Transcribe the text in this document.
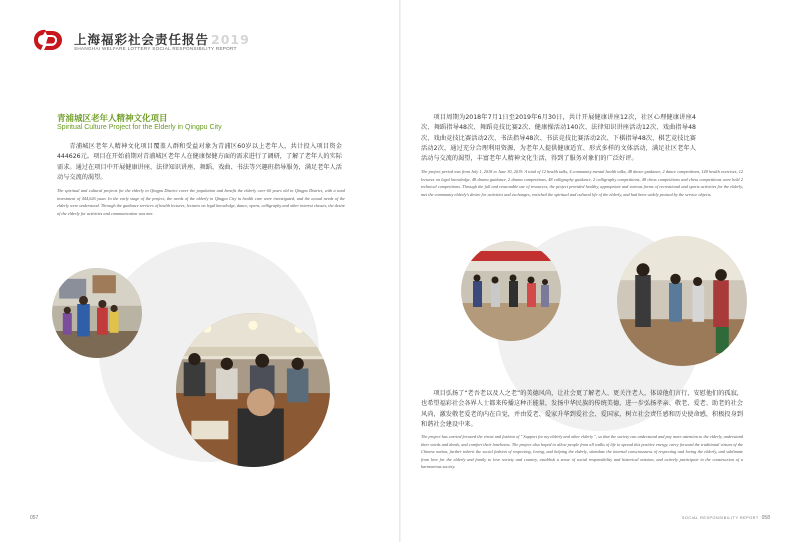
上海福彩社会责任报告 2019
SHANGHAI WELFARE LOTTERY SOCIAL RESPONSIBILITY REPORT
青浦城区老年人精神文化项目
Spiritual Culture Project for the Elderly in Qingpu City

青浦城区老年人精神文化项目覆盖人群和受益对象为青浦区60岁以上老年人，共计投入项目资金444626元。项目在开始前期对青浦城区老年人在健康保健方面的需求进行了调研，了解了老年人的实际需求。通过在项目中开展健康讲座、法律知识讲座、舞蹈、戏曲、书法等兴趣班指导服务，满足老年人活动与交流的渴望。

The spiritual and cultural projects for the elderly in Qingpu District cover the population and benefit the elderly over 60 years old in Qingpu District, with a total investment of 444,626 yuan. In the early stage of the project, the needs of the elderly in Qingpu City in health care were investigated, and the actual needs of the elderly were understood. Through the guidance services of health lectures, lectures on legal knowledge, dance, opera, calligraphy and other interest classes, the desire of the elderly for activities and communication was met.

项目周期为2018年7月1日至2019年6月30日，共计开展健康讲座12次，社区心理健康讲座4次、舞蹈指导48次、舞蹈竞技比赛2次、健康操活动140次、法律知识讲座活动12次、戏曲指导48次、戏曲竞技比赛活动2次、书法指导48次、书法竞技比赛活动2次、下棋指导48次、棋艺竞技比赛活动2次，通过充分合理利用资源，为老年人提供健康适宜、形式多样的文体活动，满足社区老年人活动与交流的渴望，丰富老年人精神文化生活，得到了服务对象们的广泛好评。

The project period was from July 1, 2018 to June 30, 2019. A total of 12 health talks, 4 community mental health talks, 48 dance guidance, 2 dance competitions, 140 health exercises, 12 lectures on legal knowledge, 48 drama guidance, 2 drama competitions, 48 calligraphy guidance, 2 calligraphy competitions, 48 chess competitions and chess competitions were held 2 technical competitions. Through the full and reasonable use of resources, the project provided healthy, appropriate and various forms of recreational and sports activities for the elderly, met the community elderly's desire for activities and exchanges, enriched the spiritual and cultural life of the elderly, and had been widely praised by the service objects.

项目弘扬了“老吾老以及人之老”的美德风尚，让社会更了解老人、更关注老人，体谅他们言行，安慰他们的孤寂，也希望福彩社会各界人士都来传播这种正能量，发扬中华民族的传统美德，进一步弘扬孝亲、敬老、爱老、助老的社会风尚，激发敬老爱老的内在自觉，并由爱老、爱家升华到爱社会、爱国家，树立社会责任感和历史使命感，积极投身到和谐社会建设中来。

The project has carried forward the virtue and fashion of " Support for my elderly and other elderly ", so that the society can understand and pay more attention to the elderly, understand their words and deeds, and comfort their loneliness. The project also hoped to allow people from all walks of life to spread this positive energy, carry forward the traditional virtues of the Chinese nation, further inherit the social fashion of respecting, loving, and helping the elderly, stimulate the internal consciousness of respecting and loving the elderly, and sublimate from love for the elderly and family to love society and country, establish a sense of social responsibility and historical mission, and actively participate in the construction of a harmonious society.

057	SOCIAL RESPONSIBILITY REPORT 058
